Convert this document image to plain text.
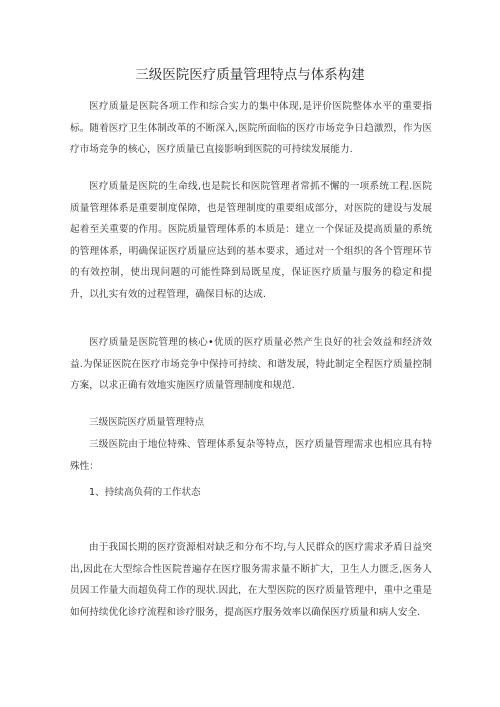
三级医院医疗质量管理特点与体系构建

医疗质量是医院各项工作和综合实力的集中体现,是评价医院整体水平的重要指标。随着医疗卫生体制改革的不断深入,医院所面临的医疗市场竞争日趋激烈，作为医疗市场竞争的核心，医疗质量已直接影响到医院的可持续发展能力.

医疗质量是医院的生命线,也是院长和医院管理者常抓不懈的一项系统工程.医院质量管理体系是重要制度保障，也是管理制度的重要组成部分，对医院的建设与发展起着至关重要的作用。医院质量管理体系的本质是：建立一个保证及提高质量的系统的管理体系，明确保证医疗质量应达到的基本要求，通过对一个组织的各个管理环节的有效控制，使出现问题的可能性降到局既星度，保证医疗质量与服务的稳定和提升，以扎实有效的过程管理，确保目标的达成.

医疗质量是医院管理的核心•优质的医疗质量必然产生良好的社会效益和经济效益.为保证医院在医疗市场竞争中保持可持续、和谐发展，特此制定全程医疗质量控制方案，以求正确有效地实施医疗质量管理制度和规范.

三级医院医疗质量管理特点

三级医院由于地位特殊、管理体系复杂等特点，医疗质量管理需求也相应具有特殊性：

1、持续高负荷的工作状态

由于我国长期的医疗资源相对缺乏和分布不均,与人民群众的医疗需求矛盾日益突出,因此在大型综合性医院普遍存在医疗服务需求量不断扩大，卫生人力匮乏,医务人员因工作量大而超负荷工作的现状.因此，在大型医院的医疗质量管理中，重中之重是如何持续优化诊疗流程和诊疗服务，提高医疗服务效率以确保医疗质量和病人安全.
